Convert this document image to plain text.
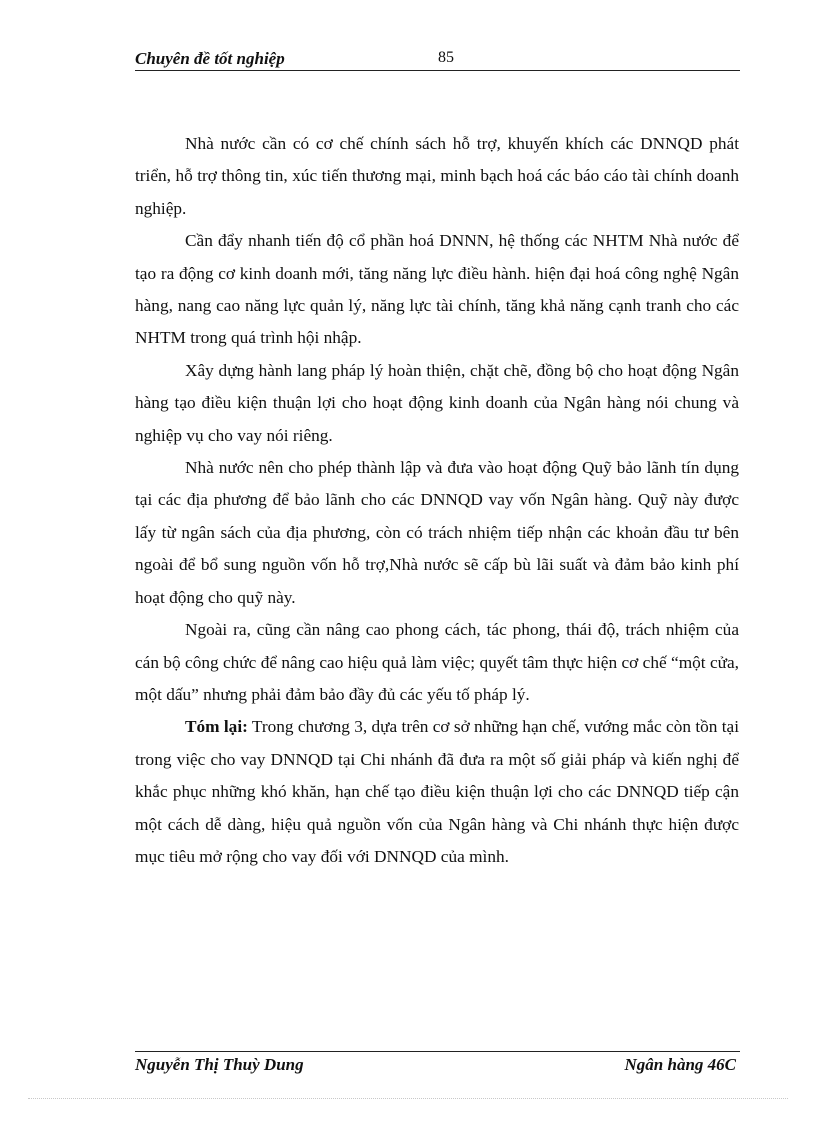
Chuyên đề tốt nghiệp	85

Nhà nước cần có cơ chế chính sách hỗ trợ, khuyến khích các DNNQD phát triển, hỗ trợ thông tin, xúc tiến thương mại, minh bạch hoá các báo cáo tài chính doanh nghiệp.

Cần đẩy nhanh tiến độ cổ phần hoá DNNN, hệ thống các NHTM Nhà nước để tạo ra động cơ kinh doanh mới, tăng năng lực điều hành. hiện đại hoá công nghệ Ngân hàng, nang cao năng lực quản lý, năng lực tài chính, tăng khả năng cạnh tranh cho các NHTM trong quá trình hội nhập.

Xây dựng hành lang pháp lý hoàn thiện, chặt chẽ, đồng bộ cho hoạt động Ngân hàng tạo điều kiện thuận lợi cho hoạt động kinh doanh của Ngân hàng nói chung và nghiệp vụ cho vay nói riêng.

Nhà nước nên cho phép thành lập và đưa vào hoạt động Quỹ bảo lãnh tín dụng tại các địa phương để bảo lãnh cho các DNNQD vay vốn Ngân hàng. Quỹ này được lấy từ ngân sách của địa phương, còn có trách nhiệm tiếp nhận các khoản đầu tư bên ngoài để bổ sung nguồn vốn hỗ trợ,Nhà nước sẽ cấp bù lãi suất và đảm bảo kinh phí hoạt động cho quỹ này.

Ngoài ra, cũng cần nâng cao phong cách, tác phong, thái độ, trách nhiệm của cán bộ công chức để nâng cao hiệu quả làm việc; quyết tâm thực hiện cơ chế “một cửa, một dấu” nhưng phải đảm bảo đầy đủ các yếu tố pháp lý.

Tóm lại: Trong chương 3, dựa trên cơ sở những hạn chế, vướng mắc còn tồn tại trong việc cho vay DNNQD tại Chi nhánh đã đưa ra một số giải pháp và kiến nghị để khắc phục những khó khăn, hạn chế tạo điều kiện thuận lợi cho các DNNQD tiếp cận một cách dễ dàng, hiệu quả nguồn vốn của Ngân hàng và Chi nhánh thực hiện được mục tiêu mở rộng cho vay đối với DNNQD của mình.

Nguyễn Thị Thuỳ Dung	Ngân hàng 46C
